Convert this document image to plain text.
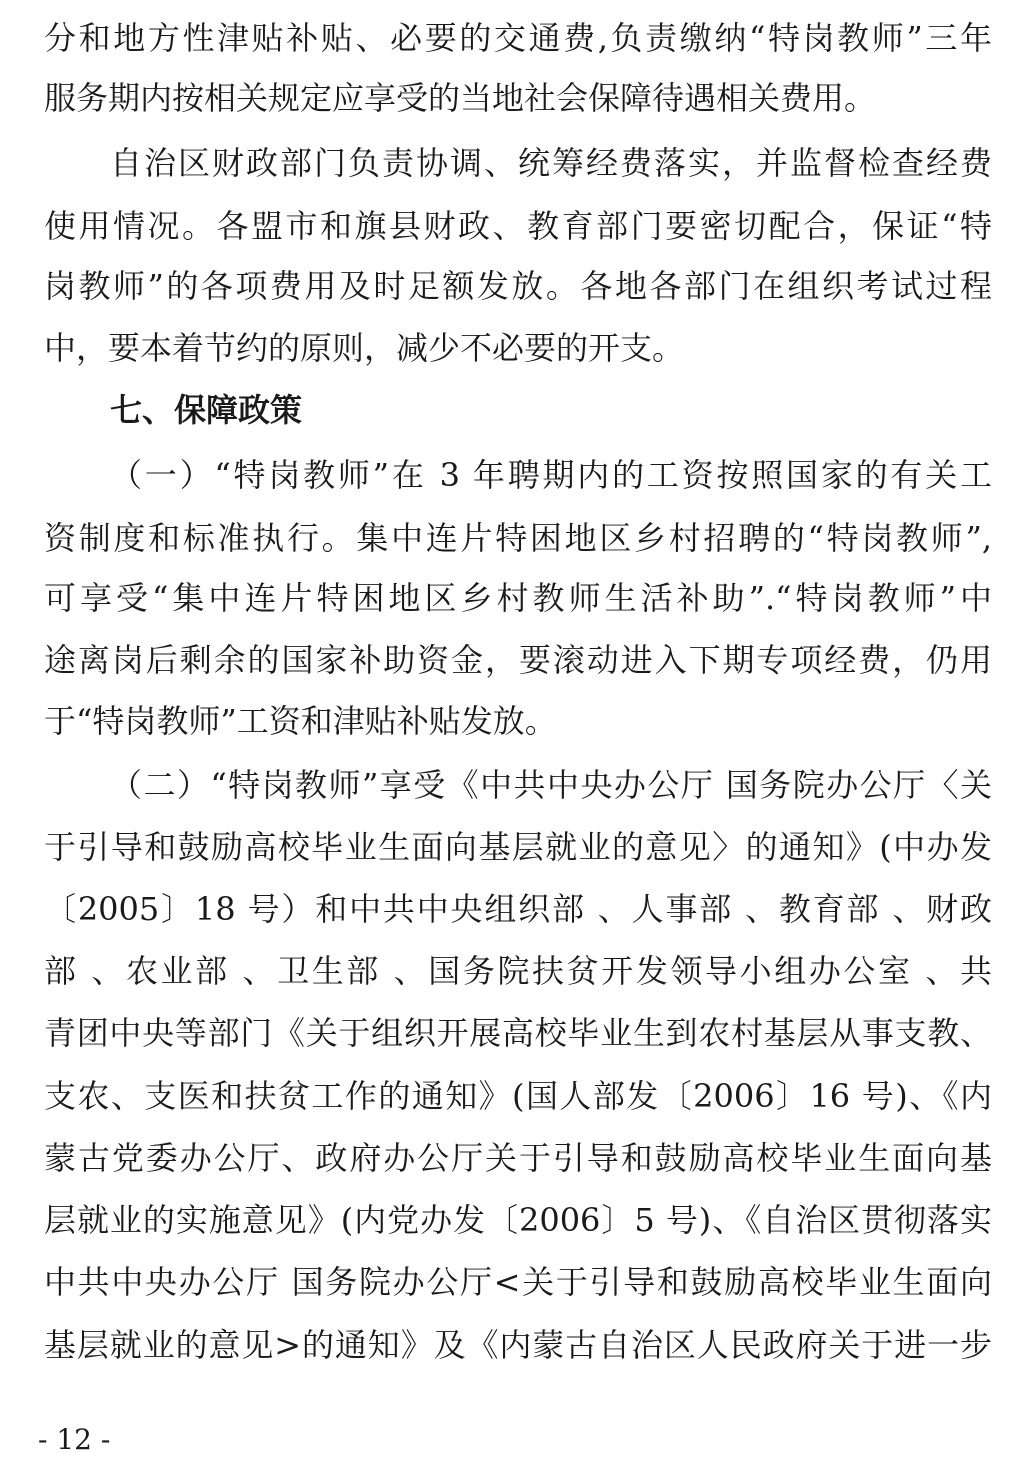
分和地方性津贴补贴、必要的交通费,负责缴纳“特岗教师”三年
服务期内按相关规定应享受的当地社会保障待遇相关费用。
自治区财政部门负责协调、统筹经费落实，并监督检查经费
使用情况。各盟市和旗县财政、教育部门要密切配合，保证“特
岗教师”的各项费用及时足额发放。各地各部门在组织考试过程
中，要本着节约的原则，减少不必要的开支。
七、保障政策
（一）“特岗教师”在 3 年聘期内的工资按照国家的有关工
资制度和标准执行。集中连片特困地区乡村招聘的“特岗教师”,
可享受“集中连片特困地区乡村教师生活补助”.“特岗教师”中
途离岗后剩余的国家补助资金，要滚动进入下期专项经费，仍用
于“特岗教师”工资和津贴补贴发放。
（二）“特岗教师”享受《中共中央办公厅 国务院办公厅〈关
于引导和鼓励高校毕业生面向基层就业的意见〉的通知》(中办发
〔2005〕18 号）和中共中央组织部 、人事部 、教育部 、财政
部 、农业部 、卫生部 、国务院扶贫开发领导小组办公室 、共
青团中央等部门《关于组织开展高校毕业生到农村基层从事支教、
支农、支医和扶贫工作的通知》(国人部发〔2006〕16 号)、《内
蒙古党委办公厅、政府办公厅关于引导和鼓励高校毕业生面向基
层就业的实施意见》(内党办发〔2006〕5 号)、《自治区贯彻落实
中共中央办公厅 国务院办公厅<关于引导和鼓励高校毕业生面向
基层就业的意见>的通知》及《内蒙古自治区人民政府关于进一步
- 12 -
